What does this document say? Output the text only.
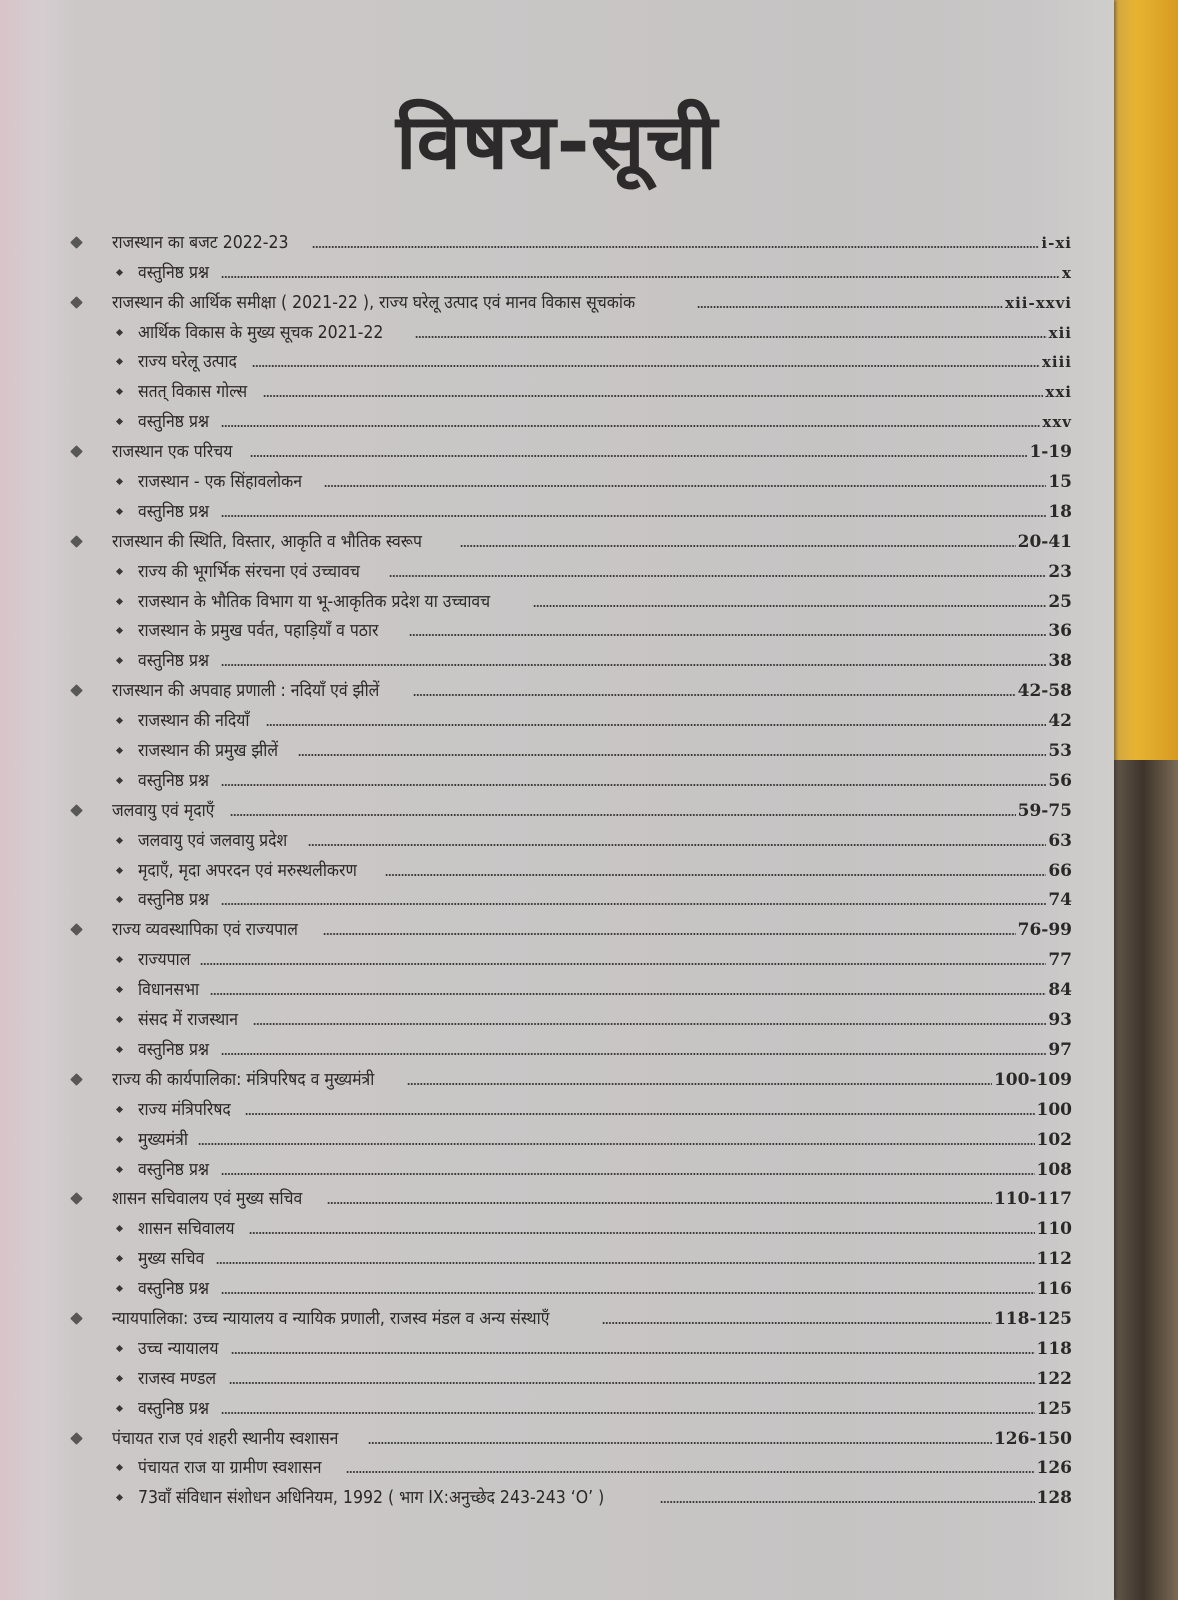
विषय-सूची
राजस्थान का बजट 2022-23	i-xi
वस्तुनिष्ठ प्रश्न	x
राजस्थान की आर्थिक समीक्षा ( 2021-22 ), राज्य घरेलू उत्पाद एवं मानव विकास सूचकांक	xii-xxvi
आर्थिक विकास के मुख्य सूचक 2021-22	xii
राज्य घरेलू उत्पाद	xiii
सतत् विकास गोल्स	xxi
वस्तुनिष्ठ प्रश्न	xxv
राजस्थान एक परिचय	1-19
राजस्थान - एक सिंहावलोकन	15
वस्तुनिष्ठ प्रश्न	18
राजस्थान की स्थिति, विस्तार, आकृति व भौतिक स्वरूप	20-41
राज्य की भूगर्भिक संरचना एवं उच्चावच	23
राजस्थान के भौतिक विभाग या भू-आकृतिक प्रदेश या उच्चावच	25
राजस्थान के प्रमुख पर्वत, पहाड़ियाँ व पठार	36
वस्तुनिष्ठ प्रश्न	38
राजस्थान की अपवाह प्रणाली : नदियाँ एवं झीलें	42-58
राजस्थान की नदियाँ	42
राजस्थान की प्रमुख झीलें	53
वस्तुनिष्ठ प्रश्न	56
जलवायु एवं मृदाएँ	59-75
जलवायु एवं जलवायु प्रदेश	63
मृदाएँ, मृदा अपरदन एवं मरुस्थलीकरण	66
वस्तुनिष्ठ प्रश्न	74
राज्य व्यवस्थापिका एवं राज्यपाल	76-99
राज्यपाल	77
विधानसभा	84
संसद में राजस्थान	93
वस्तुनिष्ठ प्रश्न	97
राज्य की कार्यपालिका: मंत्रिपरिषद व मुख्यमंत्री	100-109
राज्य मंत्रिपरिषद	100
मुख्यमंत्री	102
वस्तुनिष्ठ प्रश्न	108
शासन सचिवालय एवं मुख्य सचिव	110-117
शासन सचिवालय	110
मुख्य सचिव	112
वस्तुनिष्ठ प्रश्न	116
न्यायपालिका: उच्च न्यायालय व न्यायिक प्रणाली, राजस्व मंडल व अन्य संस्थाएँ	118-125
उच्च न्यायालय	118
राजस्व मण्डल	122
वस्तुनिष्ठ प्रश्न	125
पंचायत राज एवं शहरी स्थानीय स्वशासन	126-150
पंचायत राज या ग्रामीण स्वशासन	126
73वाँ संविधान संशोधन अधिनियम, 1992 ( भाग IX:अनुच्छेद 243-243 ‘O’ )	128
